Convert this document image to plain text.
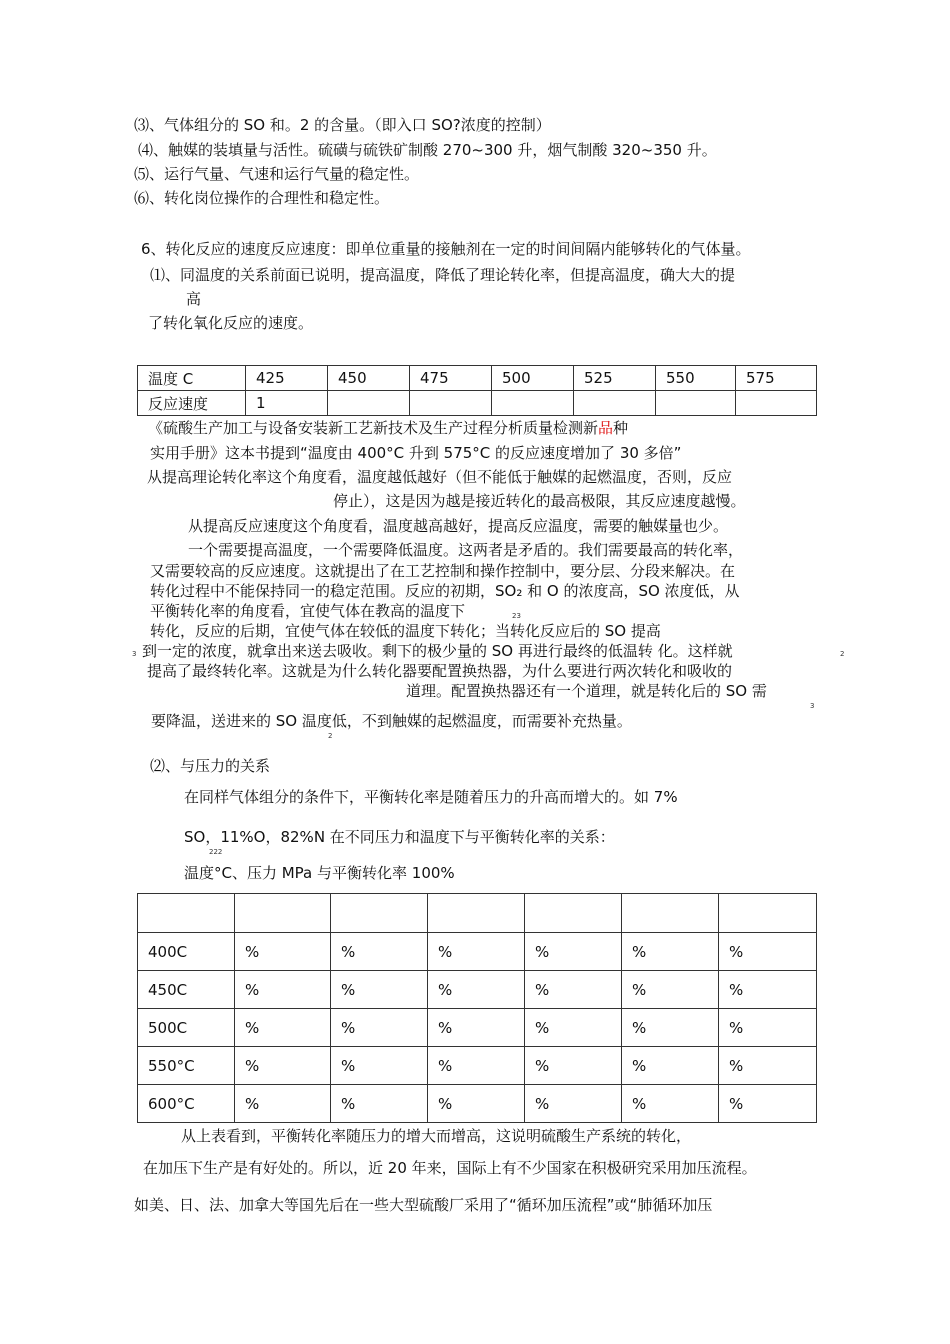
⑶、气体组分的 SO 和。2 的含量。（即入口 SO?浓度的控制）
⑷、触媒的装填量与活性。硫磺与硫铁矿制酸 270~300 升，烟气制酸 320~350 升。
⑸、运行气量、气速和运行气量的稳定性。
⑹、转化岗位操作的合理性和稳定性。
6、转化反应的速度反应速度：即单位重量的接触剂在一定的时间间隔内能够转化的气体量。
⑴、同温度的关系前面已说明，提高温度，降低了理论转化率，但提高温度，确大大的提
高
了转化氧化反应的速度。
温度 C	425	450	475	500	525	550	575
反应速度	1						
《硫酸生产加工与设备安装新工艺新技术及生产过程分析质量检测新品种
实用手册》这本书提到“温度由 400°C 升到 575°C 的反应速度增加了 30 多倍”
从提高理论转化率这个角度看，温度越低越好（但不能低于触媒的起燃温度，否则，反应
停止），这是因为越是接近转化的最高极限，其反应速度越慢。
从提高反应速度这个角度看，温度越高越好，提高反应温度，需要的触媒量也少。
一个需要提高温度，一个需要降低温度。这两者是矛盾的。我们需要最高的转化率，
又需要较高的反应速度。这就提出了在工艺控制和操作控制中，要分层、分段来解决。在
转化过程中不能保持同一的稳定范围。反应的初期，SO₂ 和 O 的浓度高，SO 浓度低，从
平衡转化率的角度看，宜使气体在教高的温度下	23
转化，反应的后期，宜使气体在较低的温度下转化；当转化反应后的 SO 提高
3 到一定的浓度，就拿出来送去吸收。剩下的极少量的 SO 再进行最终的低温转 化。这样就	2
提高了最终转化率。这就是为什么转化器要配置换热器，为什么要进行两次转化和吸收的
道理。配置换热器还有一个道理，就是转化后的 SO 需
3
要降温，送进来的 SO 温度低，不到触媒的起燃温度，而需要补充热量。
2
⑵、与压力的关系
在同样气体组分的条件下，平衡转化率是随着压力的升高而增大的。如 7%
SO，11%O，82%N 在不同压力和温度下与平衡转化率的关系：
222
温度°C、压力 MPa 与平衡转化率 100%

400C	%	%	%	%	%	%
450C	%	%	%	%	%	%
500C	%	%	%	%	%	%
550°C	%	%	%	%	%	%
600°C	%	%	%	%	%	%
从上表看到，平衡转化率随压力的增大而增高，这说明硫酸生产系统的转化，
在加压下生产是有好处的。所以，近 20 年来，国际上有不少国家在积极研究采用加压流程。
如美、日、法、加拿大等国先后在一些大型硫酸厂采用了“循环加压流程”或“肺循环加压
